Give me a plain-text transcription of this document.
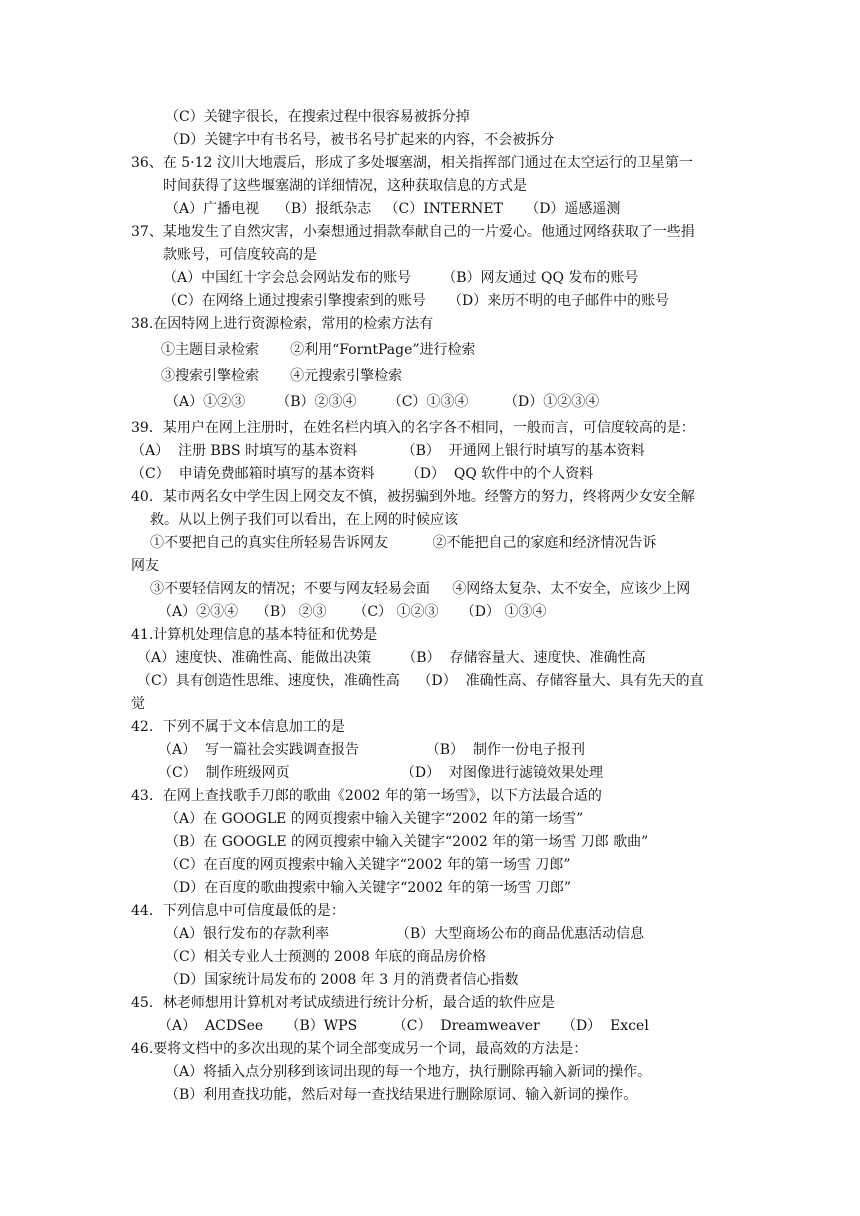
（C）关键字很长，在搜索过程中很容易被拆分掉
（D）关键字中有书名号，被书名号扩起来的内容，不会被拆分
36、在 5·12 汶川大地震后，形成了多处堰塞湖，相关指挥部门通过在太空运行的卫星第一
时间获得了这些堰塞湖的详细情况，这种获取信息的方式是
（A）广播电视    （B）报纸杂志   （C）INTERNET     （D）遥感遥测
37、某地发生了自然灾害，小秦想通过捐款奉献自己的一片爱心。他通过网络获取了一些捐
款账号，可信度较高的是
（A）中国红十字会总会网站发布的账号       （B）网友通过 QQ 发布的账号
（C）在网络上通过搜索引擎搜索到的账号     （D）来历不明的电子邮件中的账号
38.在因特网上进行资源检索，常用的检索方法有
①主题目录检索       ②利用“ForntPage”进行检索
③搜索引擎检索       ④元搜索引擎检索
（A）①②③       （B）②③④       （C）①③④        （D）①②③④
39．某用户在网上注册时，在姓名栏内填入的名字各不相同，一般而言，可信度较高的是：
（A）  注册 BBS 时填写的基本资料          （B）  开通网上银行时填写的基本资料
（C）  申请免费邮箱时填写的基本资料       （D）  QQ 软件中的个人资料
40．某市两名女中学生因上网交友不慎，被拐骗到外地。经警方的努力，终将两少女安全解
救。从以上例子我们可以看出，在上网的时候应该
①不要把自己的真实住所轻易告诉网友          ②不能把自己的家庭和经济情况告诉
网友
③不要轻信网友的情况；不要与网友轻易会面     ④网络太复杂、太不安全，应该少上网
（A）②③④    （B） ②③      （C） ①②③     （D） ①③④
41.计算机处理信息的基本特征和优势是
（A）速度快、准确性高、能做出决策       （B）  存储容量大、速度快、准确性高
（C）具有创造性思维、速度快，准确性高    （D）  准确性高、存储容量大、具有先天的直
觉
42．下列不属于文本信息加工的是
（A）  写一篇社会实践调查报告               （B）  制作一份电子报刊
（C）  制作班级网页                         （D）  对图像进行滤镜效果处理
43．在网上查找歌手刀郎的歌曲《2002 年的第一场雪》，以下方法最合适的
（A）在 GOOGLE 的网页搜索中输入关键字“2002 年的第一场雪”
（B）在 GOOGLE 的网页搜索中输入关键字“2002 年的第一场雪 刀郎 歌曲”
（C）在百度的网页搜索中输入关键字“2002 年的第一场雪 刀郎”
（D）在百度的歌曲搜索中输入关键字“2002 年的第一场雪 刀郎”
44．下列信息中可信度最低的是：
（A）银行发布的存款利率               （B）大型商场公布的商品优惠活动信息
（C）相关专业人士预测的 2008 年底的商品房价格
（D）国家统计局发布的 2008 年 3 月的消费者信心指数
45．林老师想用计算机对考试成绩进行统计分析，最合适的软件应是
（A）  ACDSee     （B）WPS        （C）  Dreamweaver     （D）  Excel
46.要将文档中的多次出现的某个词全部变成另一个词，最高效的方法是：
（A）将插入点分别移到该词出现的每一个地方，执行删除再输入新词的操作。
（B）利用查找功能，然后对每一查找结果进行删除原词、输入新词的操作。
